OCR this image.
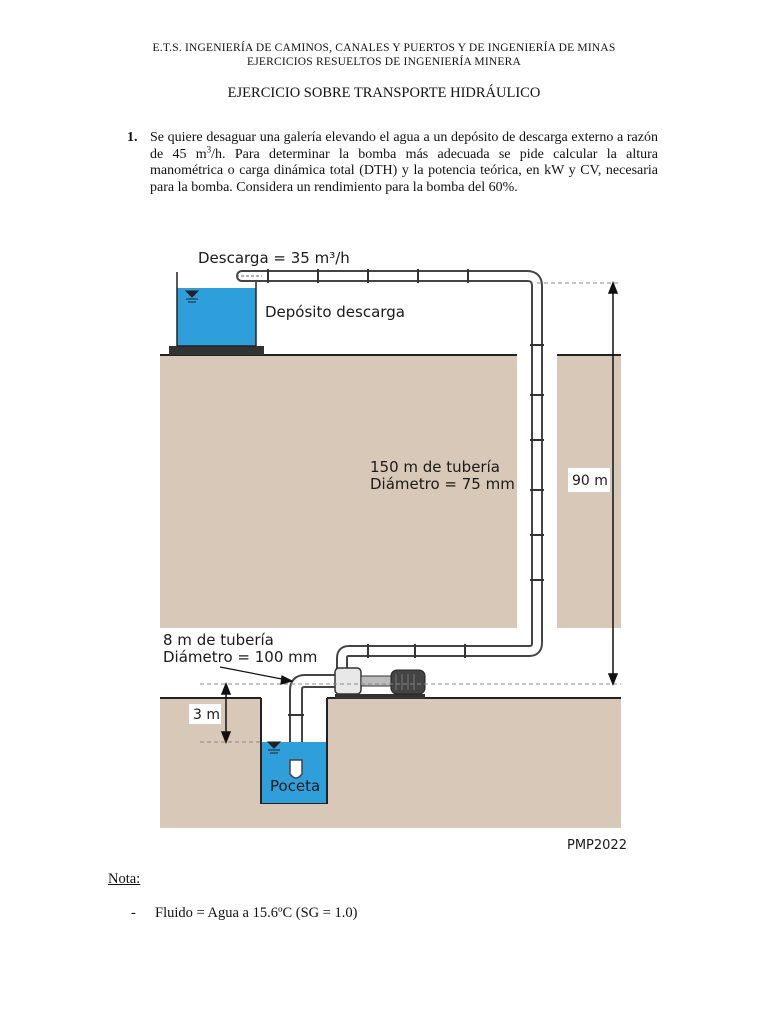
E.T.S. INGENIERÍA DE CAMINOS, CANALES Y PUERTOS Y DE INGENIERÍA DE MINAS
EJERCICIOS RESUELTOS DE INGENIERÍA MINERA
EJERCICIO SOBRE TRANSPORTE HIDRÁULICO
1. Se quiere desaguar una galería elevando el agua a un depósito de descarga externo a razón de 45 $m^3/h$. Para determinar la bomba más adecuada se pide calcular la altura manométrica o carga dinámica total (DTH) y la potencia teórica, en kW y CV, necesaria para la bomba. Considera un rendimiento para la bomba del 60%.
Descarga = 35 m³/h
Depósito descarga
150 m de tubería
Diámetro = 75 mm	90 m
8 m de tubería
Diámetro = 100 mm
3 m
Poceta
PMP2022
Nota:
- Fluido = Agua a 15.6ºC (SG = 1.0)
